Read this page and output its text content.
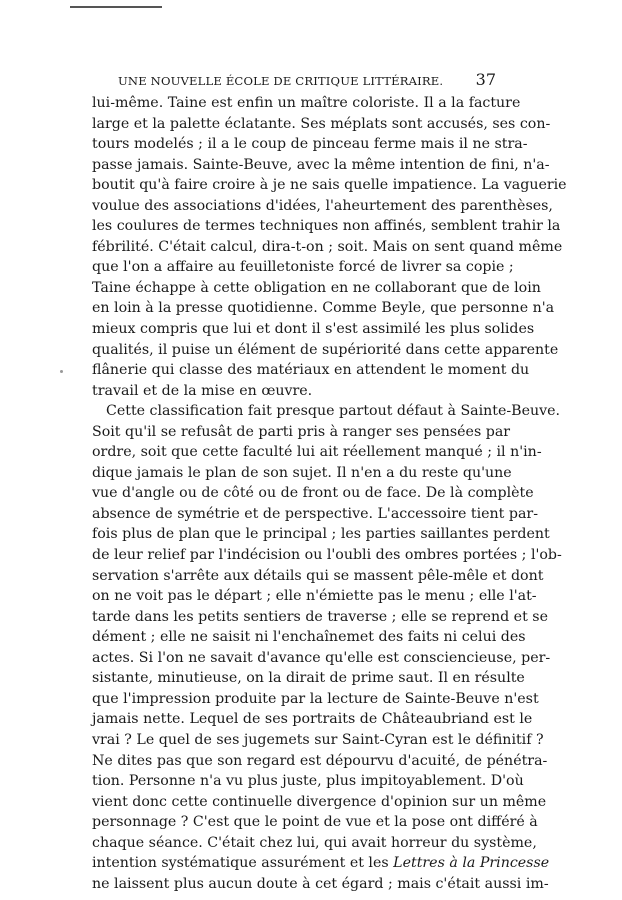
UNE NOUVELLE ÉCOLE DE CRITIQUE LITTÉRAIRE.	37
lui-même. Taine est enfin un maître coloriste. Il a la facture
large et la palette éclatante. Ses méplats sont accusés, ses con-
tours modelés ; il a le coup de pinceau ferme mais il ne stra-
passe jamais. Sainte-Beuve, avec la même intention de fini, n'a-
boutit qu'à faire croire à je ne sais quelle impatience. La vaguerie
voulue des associations d'idées, l'aheurtement des parenthèses,
les coulures de termes techniques non affinés, semblent trahir la
fébrilité. C'était calcul, dira-t-on ; soit. Mais on sent quand même
que l'on a affaire au feuilletoniste forcé de livrer sa copie ;
Taine échappe à cette obligation en ne collaborant que de loin
en loin à la presse quotidienne. Comme Beyle, que personne n'a
mieux compris que lui et dont il s'est assimilé les plus solides
qualités, il puise un élément de supériorité dans cette apparente
flânerie qui classe des matériaux en attendent le moment du
travail et de la mise en œuvre.
Cette classification fait presque partout défaut à Sainte-Beuve.
Soit qu'il se refusât de parti pris à ranger ses pensées par
ordre, soit que cette faculté lui ait réellement manqué ; il n'in-
dique jamais le plan de son sujet. Il n'en a du reste qu'une
vue d'angle ou de côté ou de front ou de face. De là complète
absence de symétrie et de perspective. L'accessoire tient par-
fois plus de plan que le principal ; les parties saillantes perdent
de leur relief par l'indécision ou l'oubli des ombres portées ; l'ob-
servation s'arrête aux détails qui se massent pêle-mêle et dont
on ne voit pas le départ ; elle n'émiette pas le menu ; elle l'at-
tarde dans les petits sentiers de traverse ; elle se reprend et se
dément ; elle ne saisit ni l'enchaînemet des faits ni celui des
actes. Si l'on ne savait d'avance qu'elle est consciencieuse, per-
sistante, minutieuse, on la dirait de prime saut. Il en résulte
que l'impression produite par la lecture de Sainte-Beuve n'est
jamais nette. Lequel de ses portraits de Châteaubriand est le
vrai ? Le quel de ses jugemets sur Saint-Cyran est le définitif ?
Ne dites pas que son regard est dépourvu d'acuité, de pénétra-
tion. Personne n'a vu plus juste, plus impitoyablement. D'où
vient donc cette continuelle divergence d'opinion sur un même
personnage ? C'est que le point de vue et la pose ont différé à
chaque séance. C'était chez lui, qui avait horreur du système,
intention systématique assurément et les Lettres à la Princesse
ne laissent plus aucun doute à cet égard ; mais c'était aussi im-
